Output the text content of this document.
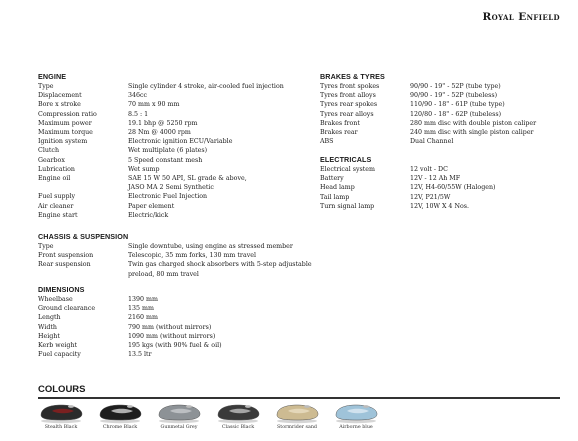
Royal Enfield
ENGINE
Type	Single cylinder 4 stroke, air-cooled fuel injection
Displacement	346cc
Bore x stroke	70 mm x 90 mm
Compression ratio	8.5 : 1
Maximum power	19.1 bhp @ 5250 rpm
Maximum torque	28 Nm @ 4000 rpm
Ignition system	Electronic ignition ECU/Variable
Clutch	Wet multiplate (6 plates)
Gearbox	5 Speed constant mesh
Lubrication	Wet sump
Engine oil	SAE 15 W 50 API, SL grade & above,
JASO MA 2 Semi Synthetic
Fuel supply	Electronic Fuel Injection
Air cleaner	Paper element
Engine start	Electric/kick
BRAKES & TYRES
Tyres front spokes	90/90 - 19" - 52P (tube type)
Tyres front alloys	90/90 - 19" - 52P (tubeless)
Tyres rear spokes	110/90 - 18" - 61P (tube type)
Tyres rear alloys	120/80 - 18" - 62P (tubeless)
Brakes front	280 mm disc with double piston caliper
Brakes rear	240 mm disc with single piston caliper
ABS	Dual Channel
ELECTRICALS
Electrical system	12 volt - DC
Battery	12V - 12 Ah MF
Head lamp	12V, H4-60/55W (Halogen)
Tail lamp	12V, P21/5W
Turn signal lamp	12V, 10W X 4 Nos.
CHASSIS & SUSPENSION
Type	Single downtube, using engine as stressed member
Front suspension	Telescopic, 35 mm forks, 130 mm travel
Rear suspension	Twin gas charged shock absorbers with 5-step adjustable
preload, 80 mm travel
DIMENSIONS
Wheelbase	1390 mm
Ground clearance	135 mm
Length	2160 mm
Width	790 mm (without mirrors)
Height	1090 mm (without mirrors)
Kerb weight	195 kgs (with 90% fuel & oil)
Fuel capacity	13.5 ltr
COLOURS
Stealth Black	Chrome Black	Gunmetal Grey	Classic Black	Stormrider sand	Airborne blue
